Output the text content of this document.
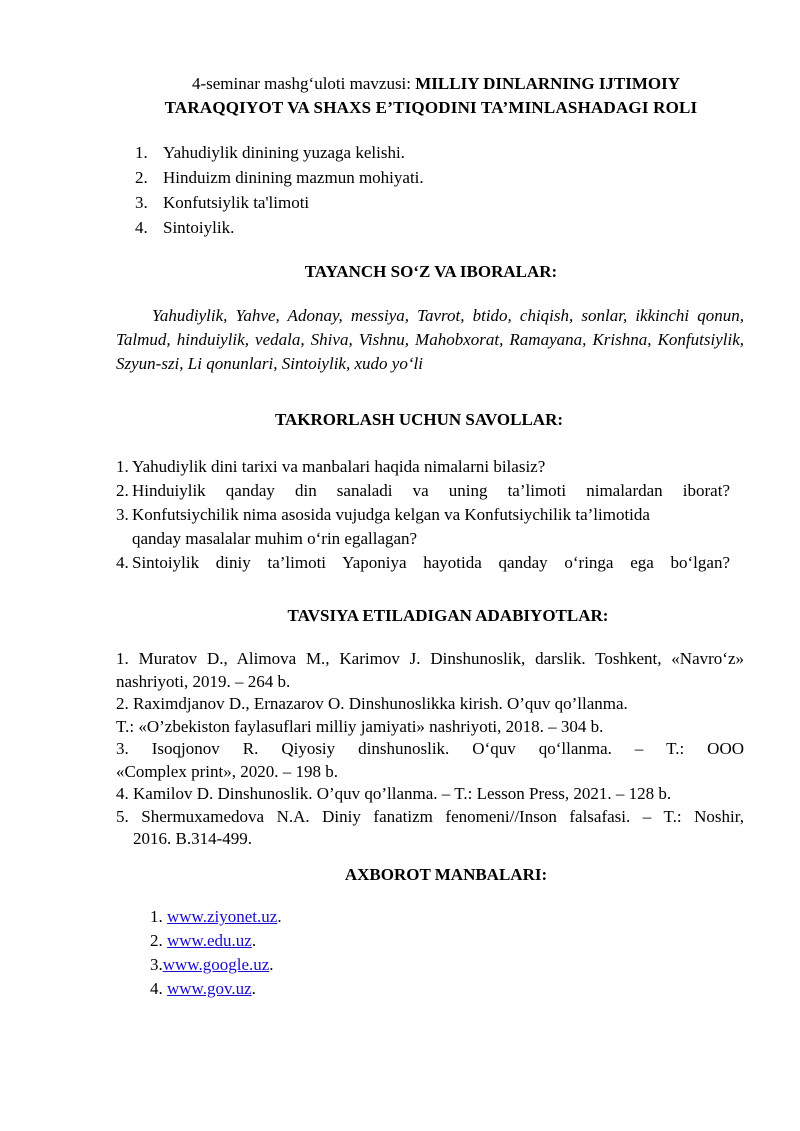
4-seminar mashg‘uloti mavzusi: MILLIY DINLARNING IJTIMOIY
TARAQQIYOT VA SHAXS E’TIQODINI TA’MINLASHADAGI ROLI
1. Yahudiylik dinining yuzaga kelishi.
2. Hinduizm dinining mazmun mohiyati.
3. Konfutsiylik ta'limoti
4. Sintoiylik.
TAYANCH SO‘Z VA IBORALAR:
Yahudiylik, Yahve, Adonay, messiya, Tavrot, btido, chiqish, sonlar, ikkinchi qonun, Talmud, hinduiylik, vedala, Shiva, Vishnu, Mahobxorat, Ramayana, Krishna, Konfutsiylik, Szyun-szi, Li qonunlari, Sintoiylik, xudo yo‘li
TAKRORLASH UCHUN SAVOLLAR:
1. Yahudiylik dini tarixi va manbalari haqida nimalarni bilasiz?
2. Hinduiylik qanday din sanaladi va uning ta’limoti nimalardan iborat?
3. Konfutsiychilik nima asosida vujudga kelgan va Konfutsiychilik ta’limotida
qanday masalalar muhim o‘rin egallagan?
4. Sintoiylik diniy ta’limoti Yaponiya hayotida qanday o‘ringa ega bo‘lgan?
TAVSIYA ETILADIGAN ADABIYOTLAR:
1. Muratov D., Alimova M., Karimov J. Dinshunoslik, darslik. Toshkent, «Navro‘z»
nashriyoti, 2019. – 264 b.
2. Raximdjanov D., Ernazarov O. Dinshunoslikka kirish. O’quv qo’llanma.
T.: «O’zbekiston faylasuflari milliy jamiyati» nashriyoti, 2018. – 304 b.
3. Isoqjonov R. Qiyosiy dinshunoslik. O‘quv qo‘llanma. – T.: OOO
«Complex print», 2020. – 198 b.
4. Kamilov D. Dinshunoslik. O’quv qo’llanma. – T.: Lesson Press, 2021. – 128 b.
5. Shermuxamedova N.A. Diniy fanatizm fenomeni//Inson falsafasi. – T.: Noshir,
2016. B.314-499.
AXBOROT MANBALARI:
1. www.ziyonet.uz.
2. www.edu.uz.
3.www.google.uz.
4. www.gov.uz.
